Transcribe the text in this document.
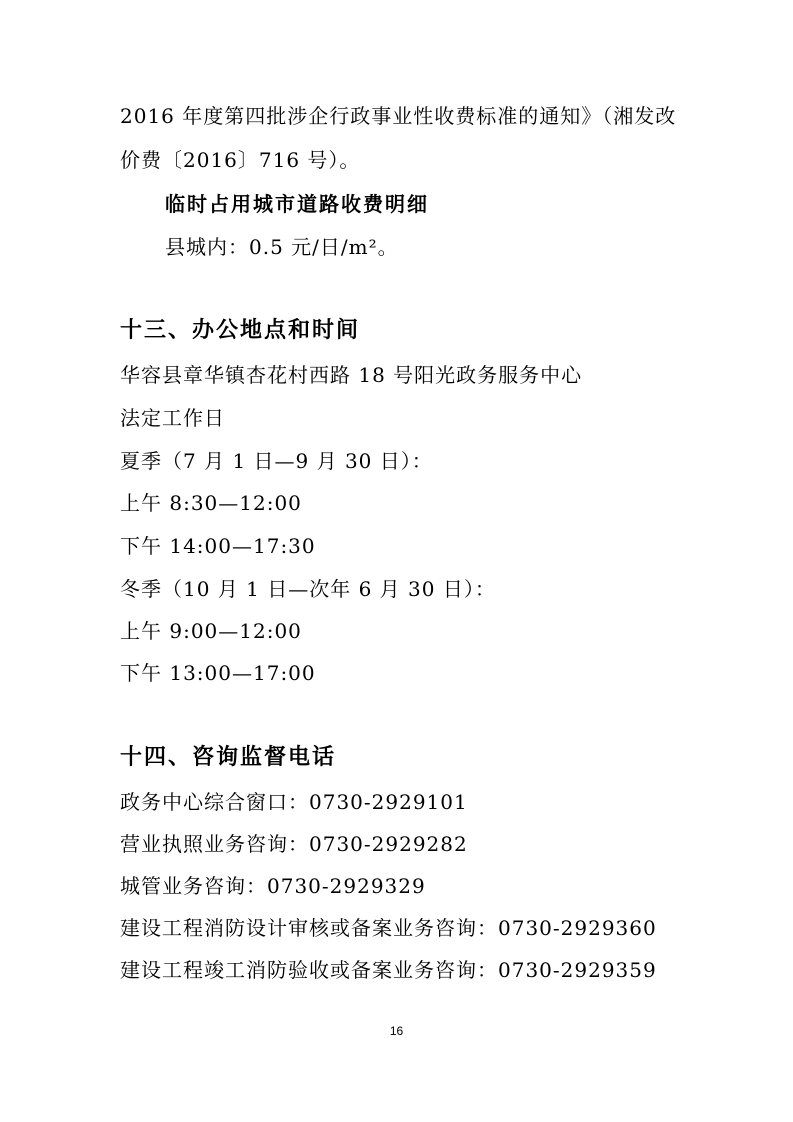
2016 年度第四批涉企行政事业性收费标准的通知》（湘发改
价费〔2016〕716 号）。
临时占用城市道路收费明细
县城内：0.5 元/日/m²。
十三、办公地点和时间
华容县章华镇杏花村西路 18 号阳光政务服务中心
法定工作日
夏季（7 月 1 日—9 月 30 日）：
上午 8:30—12:00
下午 14:00—17:30
冬季（10 月 1 日—次年 6 月 30 日）：
上午 9:00—12:00
下午 13:00—17:00
十四、咨询监督电话
政务中心综合窗口：0730-2929101
营业执照业务咨询：0730-2929282
城管业务咨询：0730-2929329
建设工程消防设计审核或备案业务咨询：0730-2929360
建设工程竣工消防验收或备案业务咨询：0730-2929359
16
